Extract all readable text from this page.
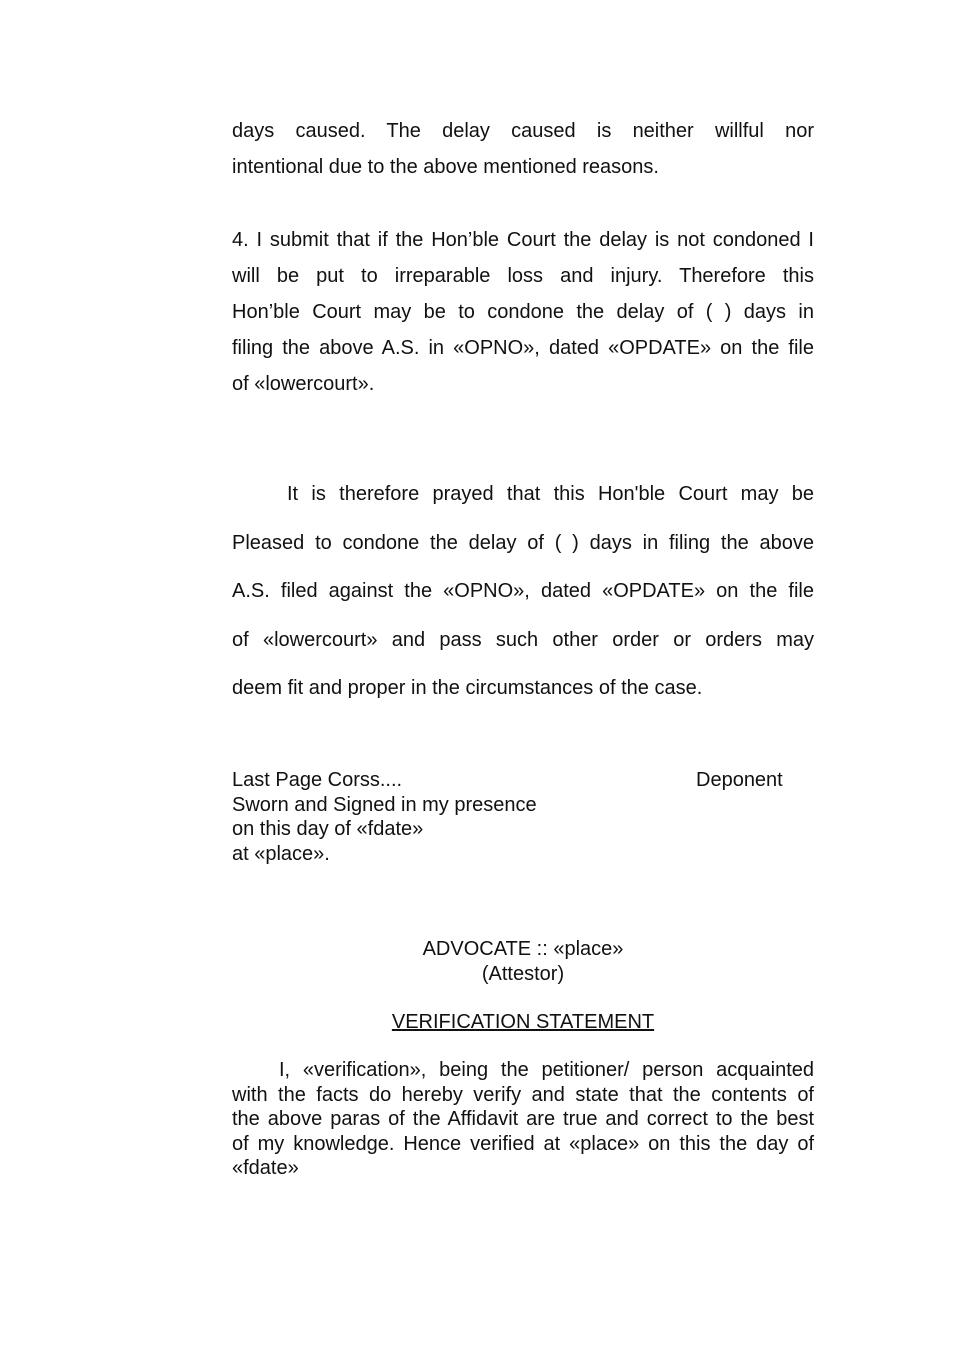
days caused. The delay caused is neither willful nor
intentional due to the above mentioned reasons.
4. I submit that if the Hon’ble Court the delay is not condoned I
will be put to irreparable loss and injury. Therefore this
Hon’ble Court may be to condone the delay of ( ) days in
filing the above A.S. in «OPNO», dated «OPDATE» on the file
of «lowercourt».
It is therefore prayed that this Hon'ble Court may be
Pleased to condone the delay of ( ) days in filing the above
A.S. filed against the «OPNO», dated «OPDATE» on the file
of «lowercourt» and pass such other order or orders may
deem fit and proper in the circumstances of the case.
Last Page Corss....
Sworn and Signed in my presence
on this day of «fdate»
at «place».
Deponent
ADVOCATE :: «place»
(Attestor)
VERIFICATION STATEMENT
I, «verification», being the petitioner/ person acquainted
with the facts do hereby verify and state that the contents of
the above paras of the Affidavit are true and correct to the best
of my knowledge. Hence verified at «place» on this the day of
«fdate»
